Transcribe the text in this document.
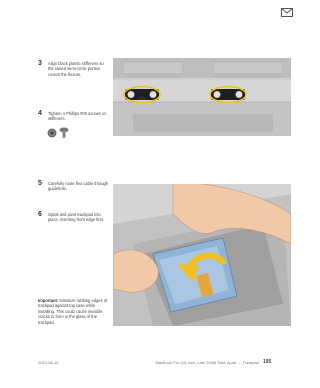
3 Align black plastic stiffeners so the raised semi-circle portion covers the flexure.
4 Tighten 4 Phillips #00 screws on stiffeners.
5 Carefully route flex cable through guidehole.
6 Spiral and pivot trackpad into place, inserting front edge first.
Important: Minimize rubbing edges of trackpad against top case while installing. This could cause invisible cracks to form in the glass of the trackpad.
2010-06-15	MacBook Pro (15-inch, Late 2008) Take Apart — Trackpad 195
